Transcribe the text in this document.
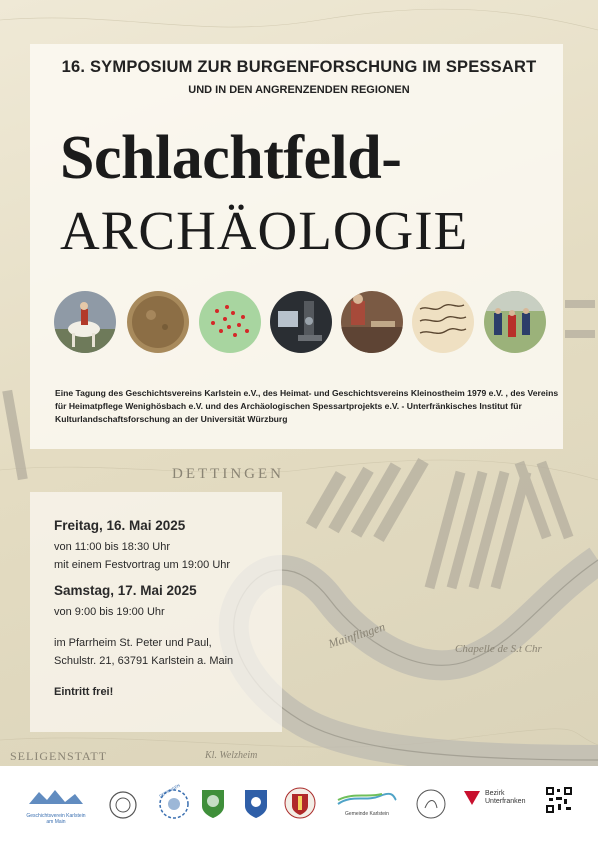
DETTINGEN
Mainflingen	Chapelle de S.t Chr
SELIGENSTATT	Kl. Welzheim

16. SYMPOSIUM ZUR BURGENFORSCHUNG IM SPESSART

UND IN DEN ANGRENZENDEN REGIONEN

Schlachtfeld-
ARCHÄOLOGIE

Eine Tagung des Geschichtsvereins Karlstein e.V., des Heimat- und Geschichtsvereins Kleinostheim 1979 e.V. , des Vereins für Heimatpflege Wenighösbach e.V. und des Archäologischen Spessartprojekts e.V. - Unterfränkisches Institut für Kulturlandschaftsforschung an der Universität Würzburg

Freitag, 16. Mai 2025

von 11:00 bis 18:30 Uhr

mit einem Festvortrag um 19:00 Uhr

Samstag, 17. Mai 2025

von 9:00 bis 19:00 Uhr

im Pfarrheim St. Peter und Paul,

Schulstr. 21, 63791 Karlstein a. Main

Eintritt frei!

Geschichtsverein Karlstein am Main
DETTINGEN
Gemeinde Karlstein
Bezirk Unterfranken
